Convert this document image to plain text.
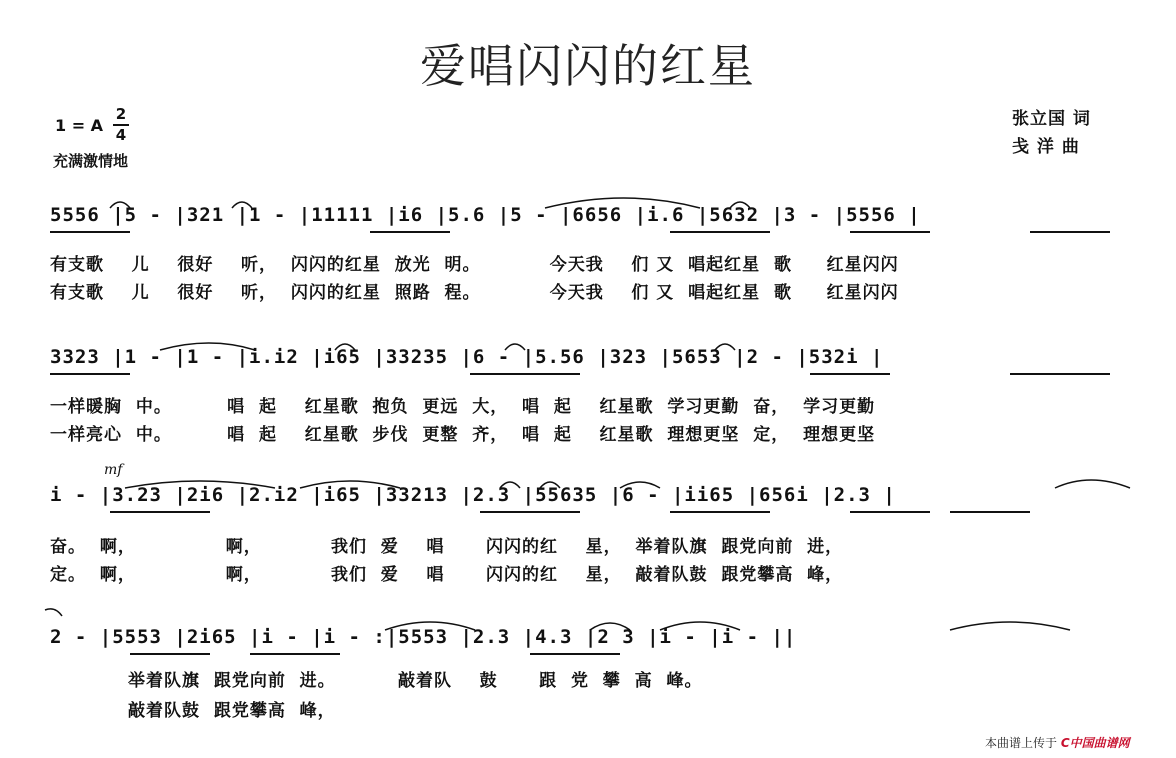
爱唱闪闪的红星
1 = A
2
4
充满激情地
张立国 词
戋 洋 曲
5556 |5 - |321 |1 - |11111 |i6 |5.6 |5 - |6656 |i.6 |5632 |3 - |5556 |
有支歌    儿    很好    听，  闪闪的红星  放光  明。          今天我    们 又  唱起红星  歌     红星闪闪
有支歌    儿    很好    听，  闪闪的红星  照路  程。          今天我    们 又  唱起红星  歌     红星闪闪
3323 |1 - |1 - |i.i2 |i65 |33235 |6 - |5.56 |323 |5653 |2 - |532i |
一样暖胸  中。        唱  起    红星歌  抱负  更远  大，  唱  起    红星歌  学习更勤  奋，  学习更勤
一样亮心  中。        唱  起    红星歌  步伐  更整  齐，  唱  起    红星歌  理想更坚  定，  理想更坚
mf
i - |3.23 |2i6 |2.i2 |i65 |33213 |2.3 |55635 |6 - |ii65 |656i |2.3 |
奋。  啊，             啊，          我们  爱    唱      闪闪的红    星，  举着队旗  跟党向前  进，
定。  啊，             啊，          我们  爱    唱      闪闪的红    星，  敲着队鼓  跟党攀高  峰，
2 - |5553 |2i65 |i - |i - :|5553 |2.3 |4.3 |2 3 |i - |i - ||
举着队旗  跟党向前  进。         敲着队    鼓      跟  党  攀  高  峰。
敲着队鼓  跟党攀高  峰，
本曲谱上传于 C中国曲谱网
